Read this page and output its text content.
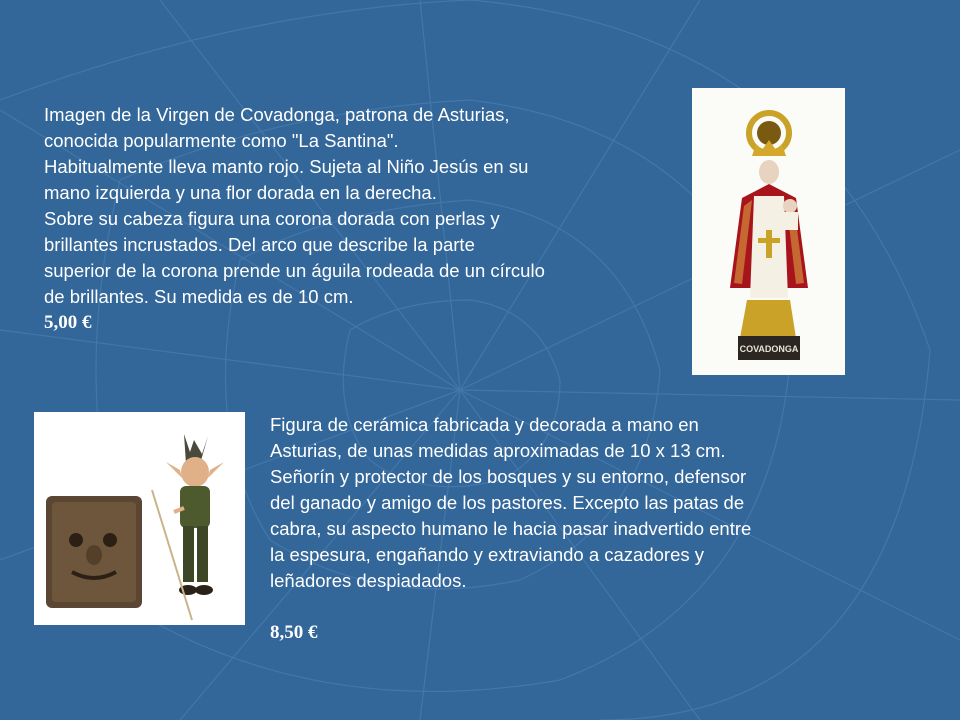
Imagen de la Virgen de Covadonga, patrona de Asturias,

conocida popularmente como "La Santina".

Habitualmente lleva manto rojo. Sujeta al Niño Jesús en su

mano izquierda y una flor dorada en la derecha.

Sobre su cabeza figura una corona dorada con perlas y

brillantes incrustados. Del arco que describe la parte

superior de la corona prende un águila rodeada de un círculo

de brillantes. Su medida es de 10 cm.

5,00 €

COVADONGA

Figura de cerámica fabricada y decorada a mano en

Asturias, de unas medidas aproximadas de 10 x 13 cm.

Señorín y protector de los bosques y su entorno, defensor

del ganado y amigo de los pastores. Excepto las patas de

cabra, su aspecto humano le hacia pasar inadvertido entre

la espesura, engañando y extraviando a cazadores y

leñadores despiadados.

8,50 €
